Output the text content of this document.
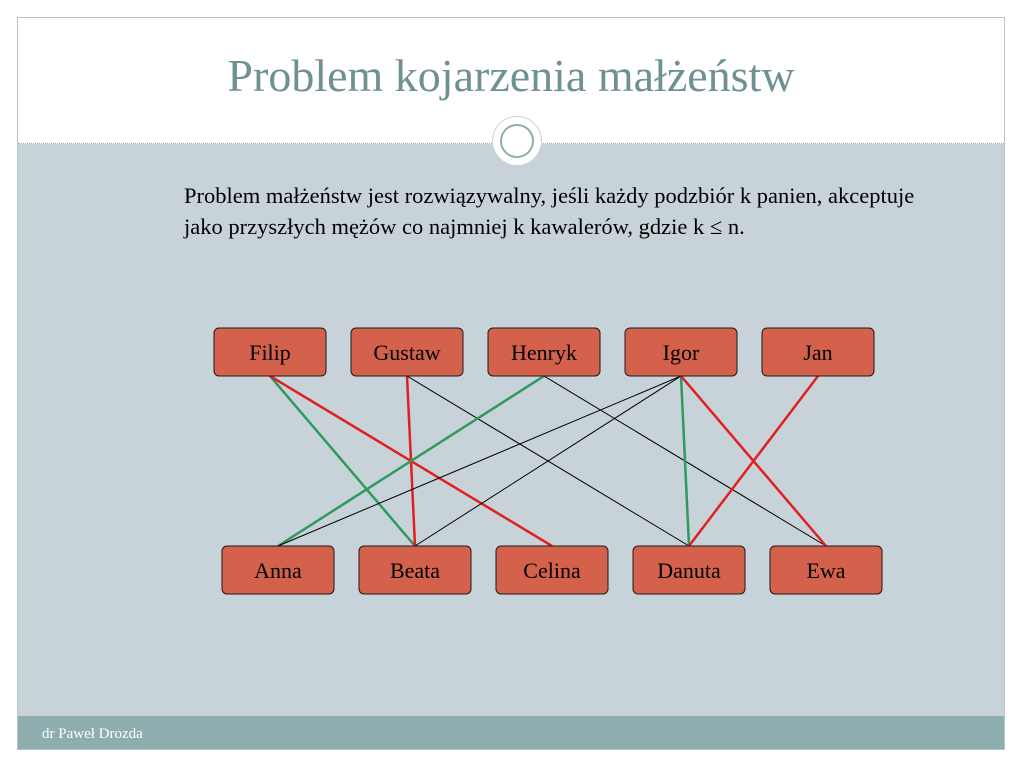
Problem kojarzenia małżeństw
dr Paweł Drozda
Problem małżeństw jest rozwiązywalny, jeśli każdy podzbiór k panien, akceptuje jako przyszłych mężów co najmniej k kawalerów, gdzie k ≤ n.
Filip	Gustaw	Henryk	Igor	Jan
Anna	Beata	Celina	Danuta	Ewa
